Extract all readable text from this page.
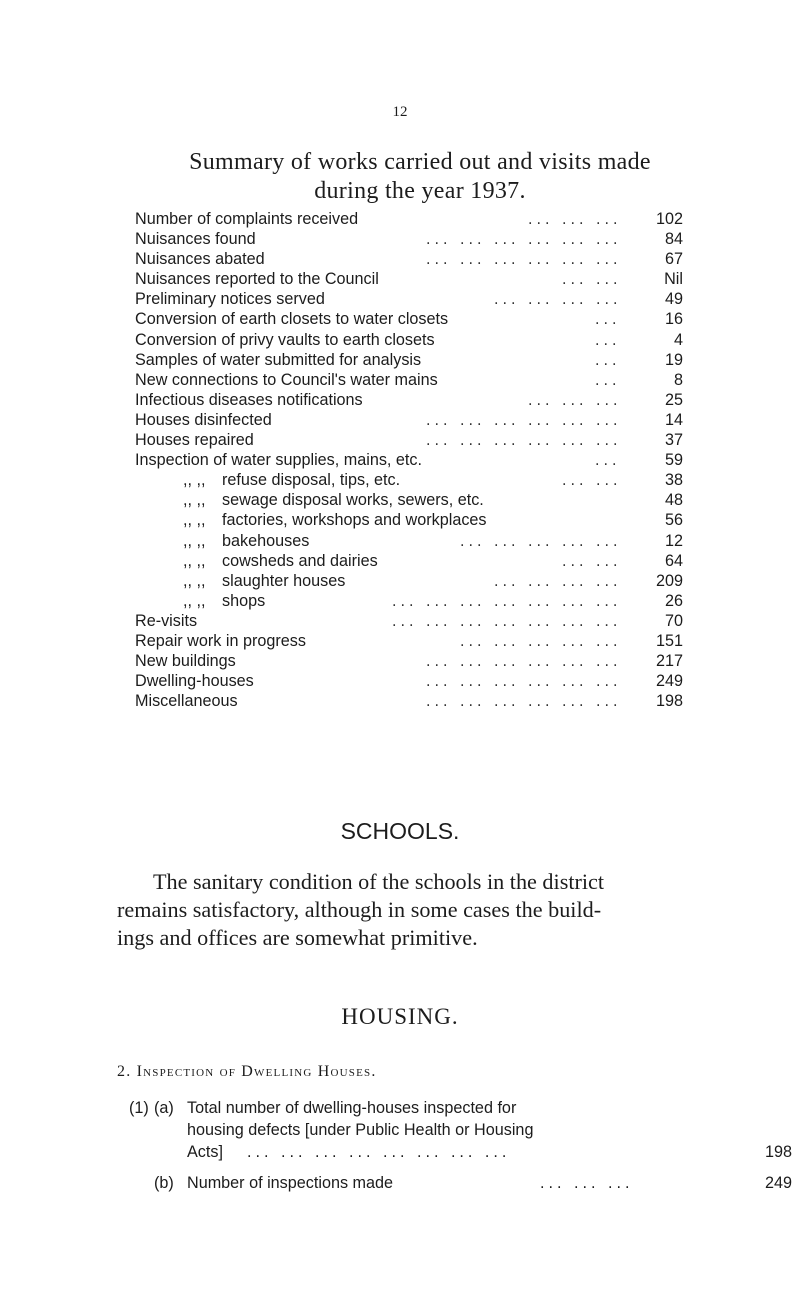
12
Summary of works carried out and visits made
during the year 1937.
Number of complaints received	... ... ...	102
Nuisances found	... ... ... ... ... ...	84
Nuisances abated	... ... ... ... ... ...	67
Nuisances reported to the Council	... ...	Nil
Preliminary notices served	... ... ... ...	49
Conversion of earth closets to water closets	...	16
Conversion of privy vaults to earth closets	...	4
Samples of water submitted for analysis	...	19
New connections to Council's water mains	...	8
Infectious diseases notifications	... ... ...	25
Houses disinfected	... ... ... ... ... ...	14
Houses repaired	... ... ... ... ... ...	37
Inspection of water supplies, mains, etc.	...	59
,, ,, refuse disposal, tips, etc.	... ...	38
,, ,, sewage disposal works, sewers, etc.	48
,, ,, factories, workshops and workplaces	56
,, ,, bakehouses	... ... ... ... ...	12
,, ,, cowsheds and dairies	... ...	64
,, ,, slaughter houses	... ... ... ...	209
,, ,, shops	... ... ... ... ... ... ...	26
Re-visits	... ... ... ... ... ... ...	70
Repair work in progress	... ... ... ... ...	151
New buildings	... ... ... ... ... ...	217
Dwelling-houses	... ... ... ... ... ...	249
Miscellaneous	... ... ... ... ... ...	198
SCHOOLS.
The sanitary condition of the schools in the district
remains satisfactory, although in some cases the build-
ings and offices are somewhat primitive.
HOUSING.
2. Inspection of Dwelling Houses.
(1) (a) Total number of dwelling-houses inspected for
housing defects [under Public Health or Housing
Acts] ... ... ... ... ... ... ... ...	198
(b) Number of inspections made	... ... ...	249
